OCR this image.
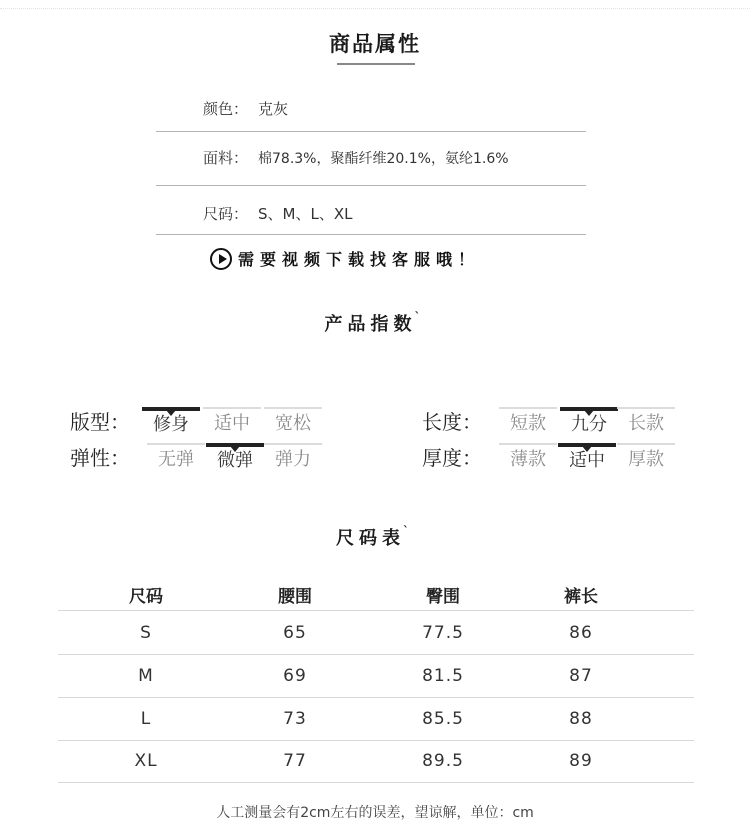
商品属性
颜色： 克灰
面料： 棉78.3%，聚酯纤维20.1%，氨纶1.6%
尺码： S、M、L、XL
需要视频下载找客服哦！
产品指数$^ˋ$
版型：	修身	适中	宽松
弹性：	无弹	微弹	弹力
长度：	短款	九分	长款
厚度：	薄款	适中	厚款
尺码表$^ˋ$
尺码	腰围	臀围	裤长
S	65	77.5	86
M	69	81.5	87
L	73	85.5	88
XL	77	89.5	89
人工测量会有2cm左右的误差，望谅解，单位：cm
